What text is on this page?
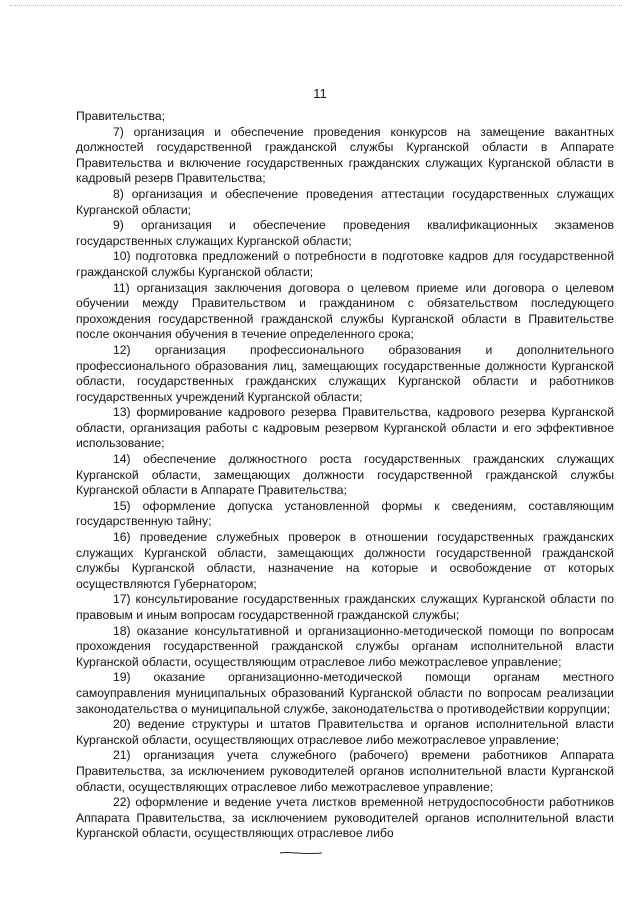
11

Правительства;

7) организация и обеспечение проведения конкурсов на замещение вакантных должностей государственной гражданской службы Курганской области в Аппарате Правительства и включение государственных гражданских служащих Курганской области в кадровый резерв Правительства;

8) организация и обеспечение проведения аттестации государственных служащих Курганской области;

9) организация и обеспечение проведения квалификационных экзаменов государственных служащих Курганской области;

10) подготовка предложений о потребности в подготовке кадров для государственной гражданской службы Курганской области;

11) организация заключения договора о целевом приеме или договора о целевом обучении между Правительством и гражданином с обязательством последующего прохождения государственной гражданской службы Курганской области в Правительстве после окончания обучения в течение определенного срока;

12) организация профессионального образования и дополнительного профессионального образования лиц, замещающих государственные должности Курганской области, государственных гражданских служащих Курганской области и работников государственных учреждений Курганской области;

13) формирование кадрового резерва Правительства, кадрового резерва Курганской области, организация работы с кадровым резервом Курганской области и его эффективное использование;

14) обеспечение должностного роста государственных гражданских служащих Курганской области, замещающих должности государственной гражданской службы Курганской области в Аппарате Правительства;

15) оформление допуска установленной формы к сведениям, составляющим государственную тайну;

16) проведение служебных проверок в отношении государственных гражданских служащих Курганской области, замещающих должности государственной гражданской службы Курганской области, назначение на которые и освобождение от которых осуществляются Губернатором;

17) консультирование государственных гражданских служащих Курганской области по правовым и иным вопросам государственной гражданской службы;

18) оказание консультативной и организационно-методической помощи по вопросам прохождения государственной гражданской службы органам исполнительной власти Курганской области, осуществляющим отраслевое либо межотраслевое управление;

19) оказание организационно-методической помощи органам местного самоуправления муниципальных образований Курганской области по вопросам реализации законодательства о муниципальной службе, законодательства о противодействии коррупции;

20) ведение структуры и штатов Правительства и органов исполнительной власти Курганской области, осуществляющих отраслевое либо межотраслевое управление;

21) организация учета служебного (рабочего) времени работников Аппарата Правительства, за исключением руководителей органов исполнительной власти Курганской области, осуществляющих отраслевое либо межотраслевое управление;

22) оформление и ведение учета листков временной нетрудоспособности работников Аппарата Правительства, за исключением руководителей органов исполнительной власти Курганской области, осуществляющих отраслевое либо
